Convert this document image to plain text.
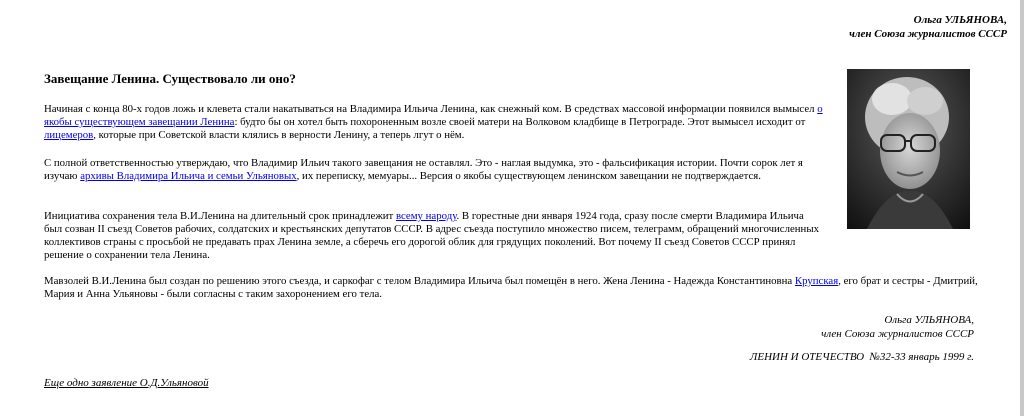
Ольга УЛЬЯНОВА,
член Союза журналистов СССР
Завещание Ленина. Существовало ли оно?

Начиная с конца 80-х годов ложь и клевета стали накатываться на Владимира Ильича Ленина, как снежный ком. В средствах массовой информации появился вымысел о якобы существующем завещании Ленина: будто бы он хотел быть похороненным возле своей матери на Волковом кладбище в Петрограде. Этот вымысел исходит от лицемеров, которые при Советской власти клялись в верности Ленину, а теперь лгут о нём.

С полной ответственностью утверждаю, что Владимир Ильич такого завещания не оставлял. Это - наглая выдумка, это - фальсификация истории. Почти сорок лет я изучаю архивы Владимира Ильича и семьи Ульяновых, их переписку, мемуары... Версия о якобы существующем ленинском завещании не подтверждается.

Инициатива сохранения тела В.И.Ленина на длительный срок принадлежит всему народу. В горестные дни января 1924 года, сразу после смерти Владимира Ильича был созван II съезд Советов рабочих, солдатских и крестьянских депутатов СССР. В адрес съезда поступило множество писем, телеграмм, обращений многочисленных коллективов страны с просьбой не предавать прах Ленина земле, а сберечь его дорогой облик для грядущих поколений. Вот почему II съезд Советов СССР принял решение о сохранении тела Ленина.

Мавзолей В.И.Ленина был создан по решению этого съезда, и саркофаг с телом Владимира Ильича был помещён в него. Жена Ленина - Надежда Константиновна Крупская, его брат и сестры - Дмитрий, Мария и Анна Ульяновы - были согласны с таким захоронением его тела.

Ольга УЛЬЯНОВА,
член Союза журналистов СССР
ЛЕНИН И ОТЕЧЕСТВО  №32-33 январь 1999 г.
Еще одно заявление О.Д.Ульяновой
